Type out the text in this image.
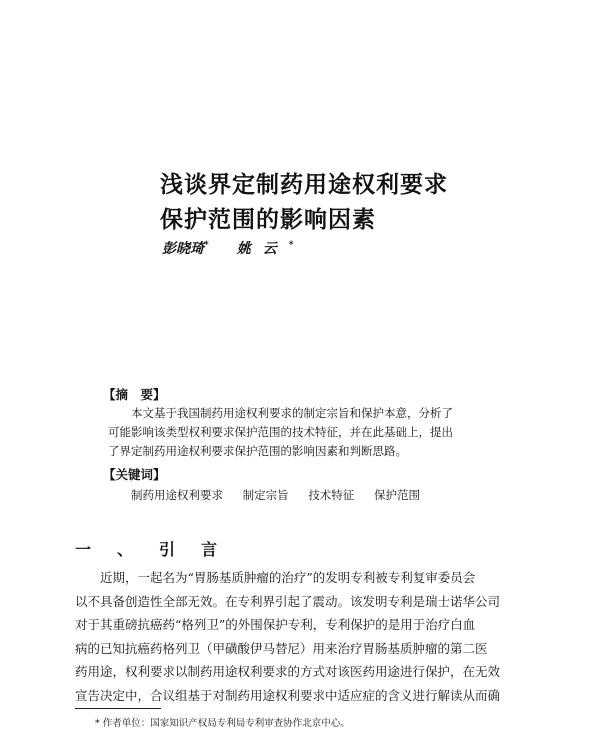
浅谈界定制药用途权利要求
保护范围的影响因素
彭晓琦* 姚云*
【摘　要】

本文基于我国制药用途权利要求的制定宗旨和保护本意，分析了
可能影响该类型权利要求保护范围的技术特征，并在此基础上，提出
了界定制药用途权利要求保护范围的影响因素和判断思路。

【关键词】
制药用途权利要求 制定宗旨 技术特征 保护范围
一、引言

近期，一起名为“胃肠基质肿瘤的治疗”的发明专利被专利复审委员会
以不具备创造性全部无效。在专利界引起了震动。该发明专利是瑞士诺华公司
对于其重磅抗癌药“格列卫”的外围保护专利，专利保护的是用于治疗白血
病的已知抗癌药格列卫（甲磺酸伊马替尼）用来治疗胃肠基质肿瘤的第二医
药用途，权利要求以制药用途权利要求的方式对该医药用途进行保护，在无效
宣告决定中，合议组基于对制药用途权利要求中适应症的含义进行解读从而确

* 作者单位：国家知识产权局专利局专利审查协作北京中心。
